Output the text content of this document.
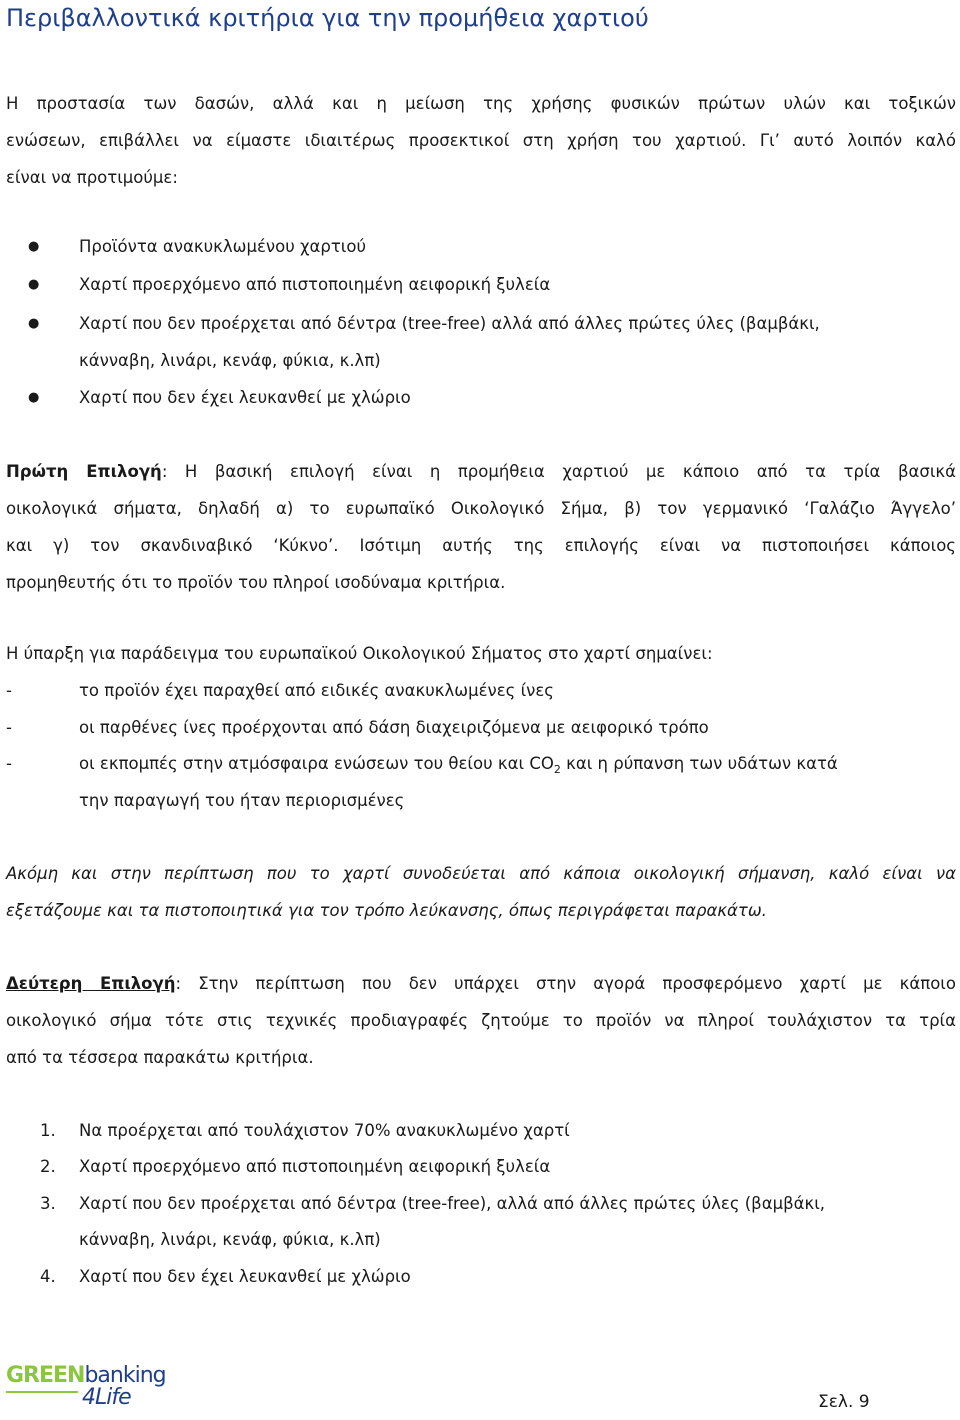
Περιβαλλοντικά κριτήρια για την προμήθεια χαρτιού

Η προστασία των δασών, αλλά και η μείωση της χρήσης φυσικών πρώτων υλών και τοξικών

ενώσεων, επιβάλλει να είμαστε ιδιαιτέρως προσεκτικοί στη χρήση του χαρτιού. Γι’ αυτό λοιπόν καλό

είναι να προτιμούμε:

● Προϊόντα ανακυκλωμένου χαρτιού
● Χαρτί προερχόμενο από πιστοποιημένη αειφορική ξυλεία
● Χαρτί που δεν προέρχεται από δέντρα (tree-free) αλλά από άλλες πρώτες ύλες (βαμβάκι,
κάνναβη, λινάρι, κενάφ, φύκια, κ.λπ)
● Χαρτί που δεν έχει λευκανθεί με χλώριο

Πρώτη Επιλογή: Η βασική επιλογή είναι η προμήθεια χαρτιού με κάποιο από τα τρία βασικά

οικολογικά σήματα, δηλαδή α) το ευρωπαϊκό Οικολογικό Σήμα, β) τον γερμανικό ‘Γαλάζιο Άγγελο’

και γ) τον σκανδιναβικό ‘Κύκνο’. Ισότιμη αυτής της επιλογής είναι να πιστοποιήσει κάποιος

προμηθευτής ότι το προϊόν του πληροί ισοδύναμα κριτήρια.

Η ύπαρξη για παράδειγμα του ευρωπαϊκού Οικολογικού Σήματος στο χαρτί σημαίνει:

-	το προϊόν έχει παραχθεί από ειδικές ανακυκλωμένες ίνες
-	οι παρθένες ίνες προέρχονται από δάση διαχειριζόμενα με αειφορικό τρόπο
-	οι εκπομπές στην ατμόσφαιρα ενώσεων του θείου και $CO_2$ και η ρύπανση των υδάτων κατά
την παραγωγή του ήταν περιορισμένες

Ακόμη και στην περίπτωση που το χαρτί συνοδεύεται από κάποια οικολογική σήμανση, καλό είναι να

εξετάζουμε και τα πιστοποιητικά για τον τρόπο λεύκανσης, όπως περιγράφεται παρακάτω.

Δεύτερη Επιλογή: Στην περίπτωση που δεν υπάρχει στην αγορά προσφερόμενο χαρτί με κάποιο

οικολογικό σήμα τότε στις τεχνικές προδιαγραφές ζητούμε το προϊόν να πληροί τουλάχιστον τα τρία

από τα τέσσερα παρακάτω κριτήρια.

1. Να προέρχεται από τουλάχιστον 70% ανακυκλωμένο χαρτί
2. Χαρτί προερχόμενο από πιστοποιημένη αειφορική ξυλεία
3. Χαρτί που δεν προέρχεται από δέντρα (tree-free), αλλά από άλλες πρώτες ύλες (βαμβάκι,
κάνναβη, λινάρι, κενάφ, φύκια, κ.λπ)
4. Χαρτί που δεν έχει λευκανθεί με χλώριο
GREENbanking
4Life	Σελ. 9
